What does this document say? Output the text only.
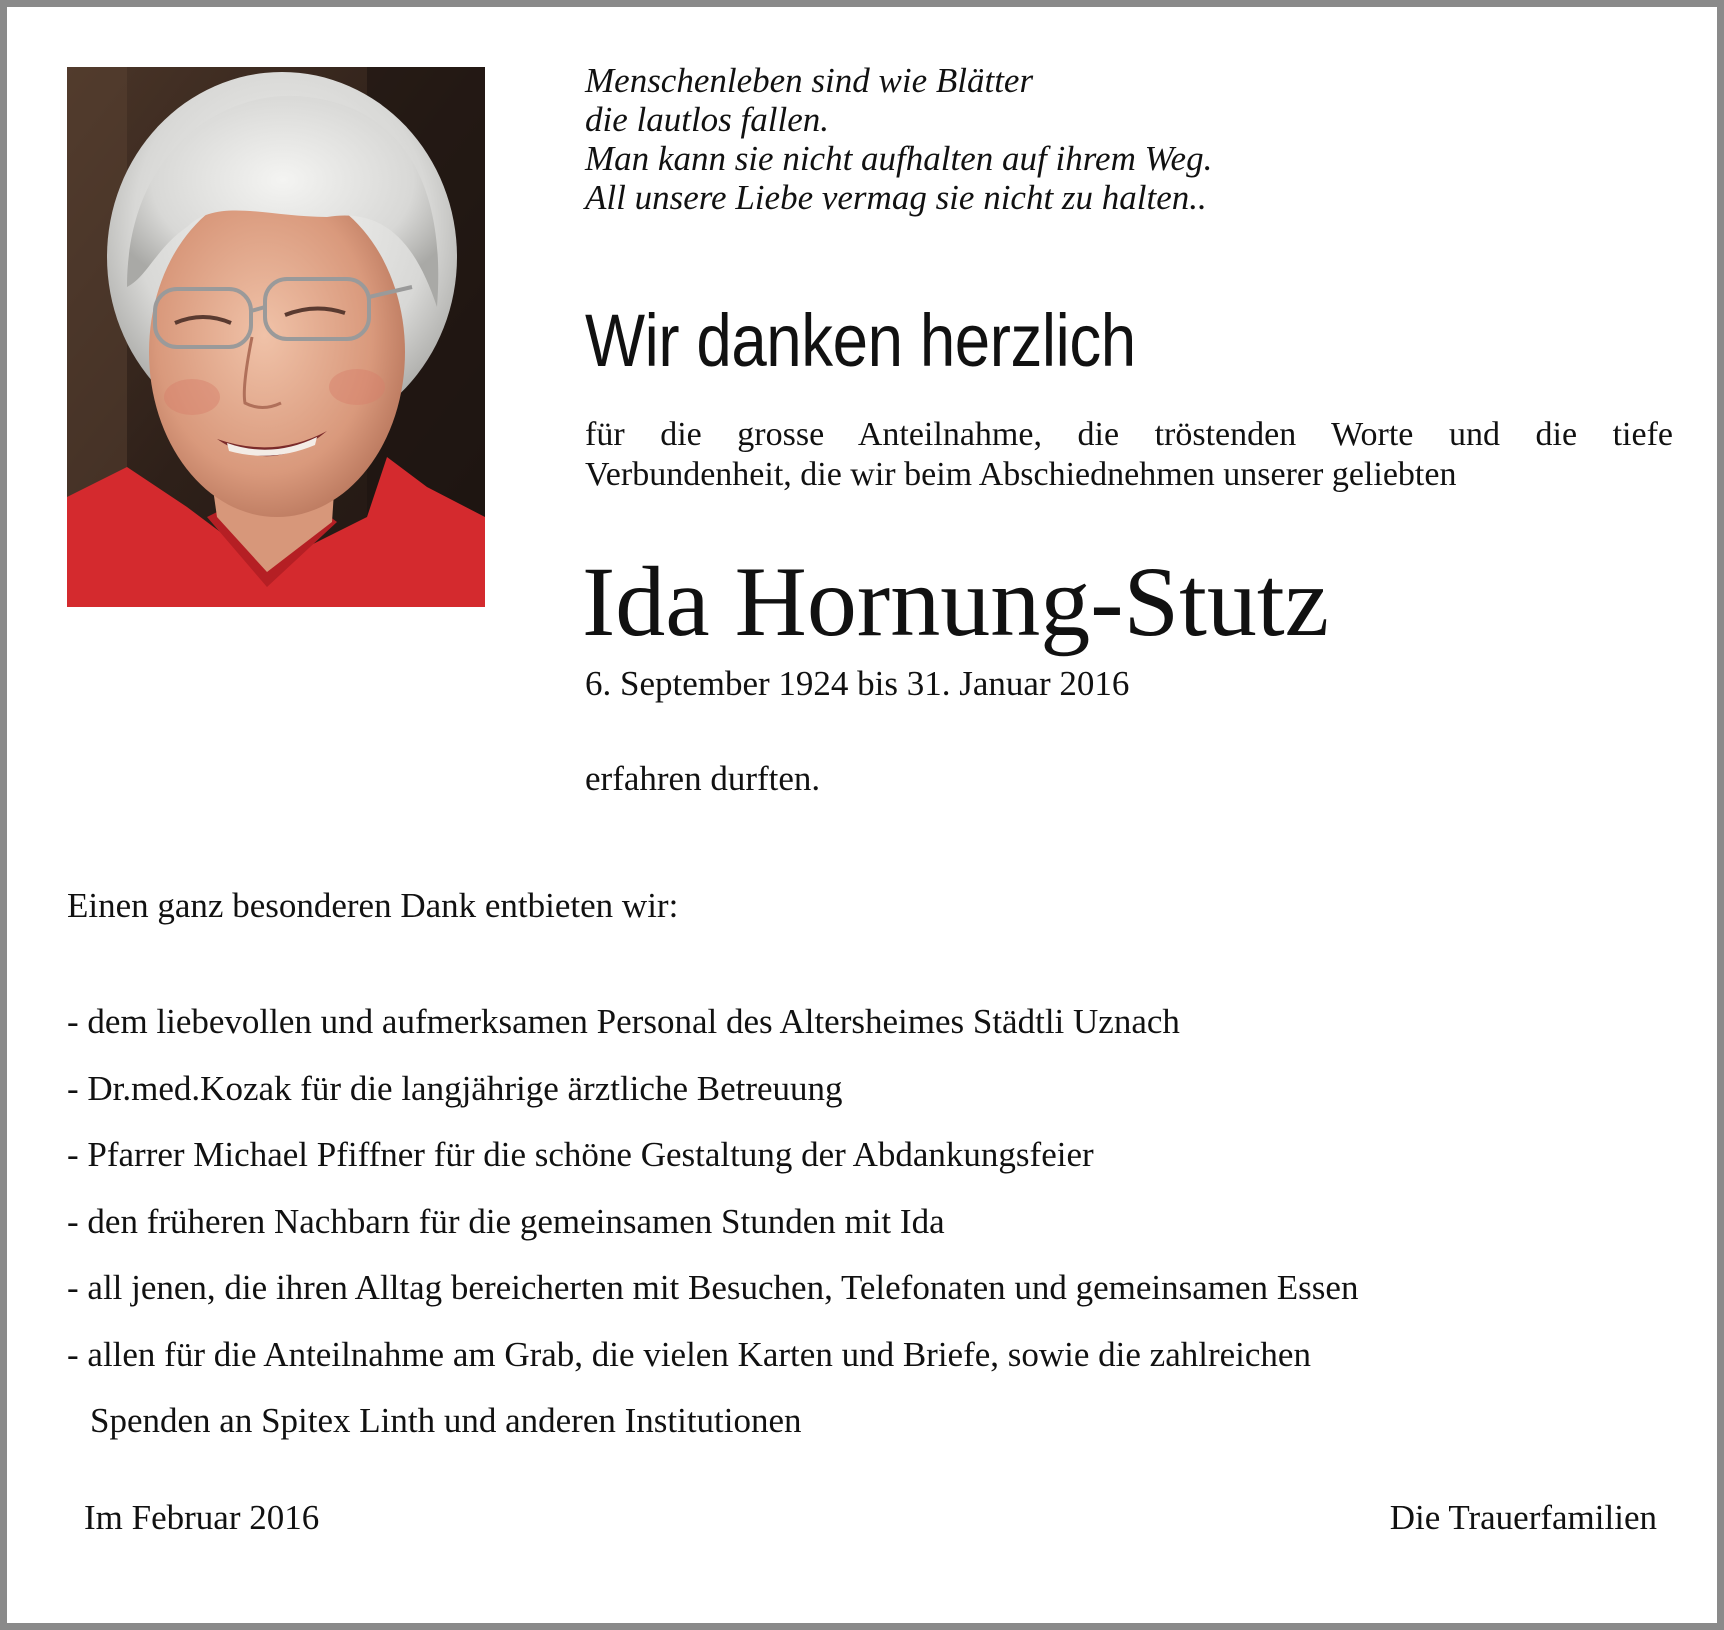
Menschenleben sind wie Blätter
die lautlos fallen.
Man kann sie nicht aufhalten auf ihrem Weg.
All unsere Liebe vermag sie nicht zu halten..
Wir danken herzlich
für die grosse Anteilnahme, die tröstenden Worte und die tiefe
Verbundenheit, die wir beim Abschiednehmen unserer geliebten
Ida Hornung-Stutz
6. September 1924 bis 31. Januar 2016
erfahren durften.
Einen ganz besonderen Dank entbieten wir:
- dem liebevollen und aufmerksamen Personal des Altersheimes Städtli Uznach
- Dr.med.Kozak für die langjährige ärztliche Betreuung
- Pfarrer Michael Pfiffner für die schöne Gestaltung der Abdankungsfeier
- den früheren Nachbarn für die gemeinsamen Stunden mit Ida
- all jenen, die ihren Alltag bereicherten mit Besuchen, Telefonaten und gemeinsamen Essen
- allen für die Anteilnahme am Grab, die vielen Karten und Briefe, sowie die zahlreichen
Spenden an Spitex Linth und anderen Institutionen
Im Februar 2016	Die Trauerfamilien
